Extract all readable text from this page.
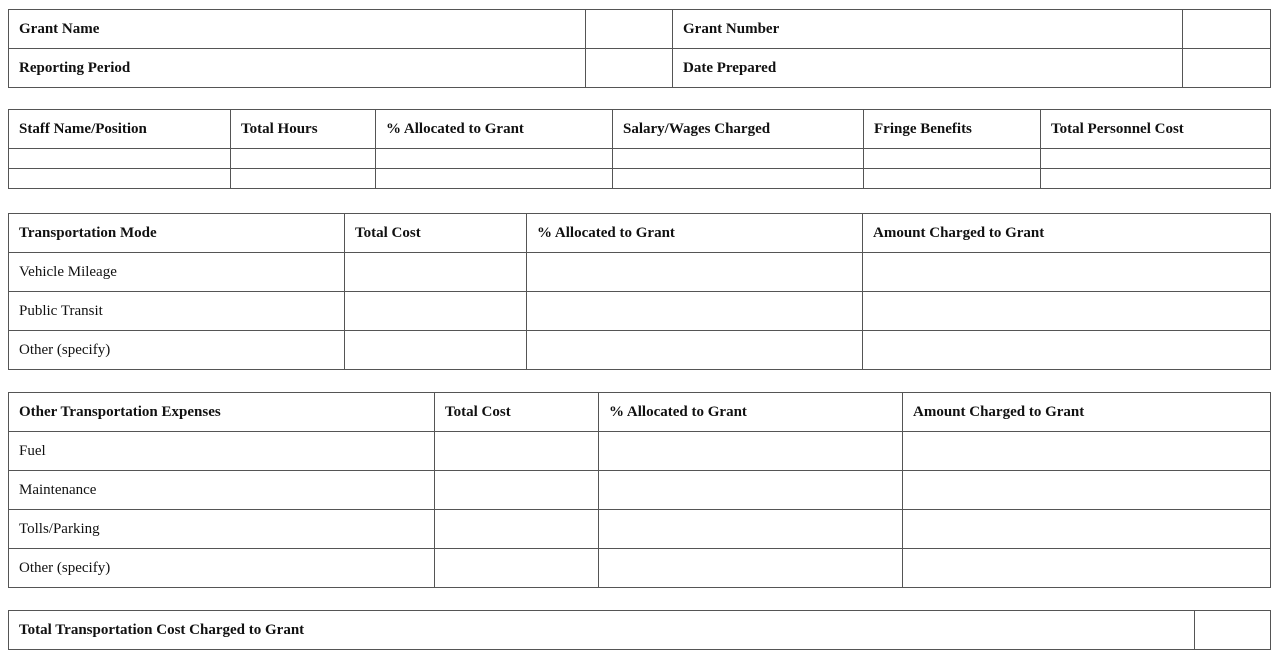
Grant Name		Grant Number	
Reporting Period		Date Prepared	
Staff Name/Position	Total Hours	% Allocated to Grant	Salary/Wages Charged	Fringe Benefits	Total Personnel Cost

Transportation Mode	Total Cost	% Allocated to Grant	Amount Charged to Grant
Vehicle Mileage			
Public Transit			
Other (specify)			
Other Transportation Expenses	Total Cost	% Allocated to Grant	Amount Charged to Grant
Fuel			
Maintenance			
Tolls/Parking			
Other (specify)			
Total Transportation Cost Charged to Grant	
